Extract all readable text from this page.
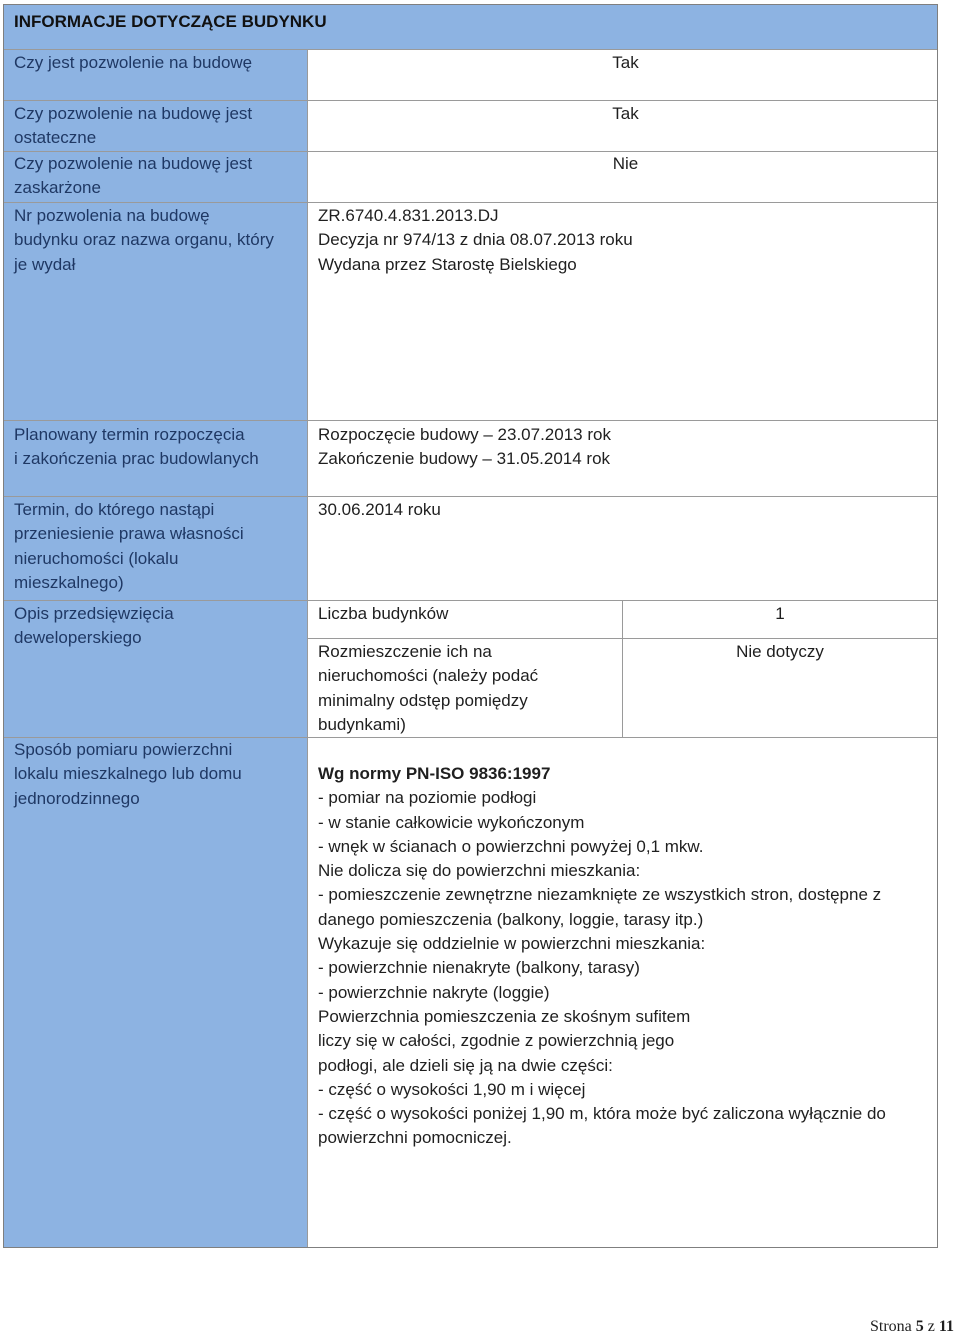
INFORMACJE DOTYCZĄCE BUDYNKU
Czy jest pozwolenie na budowę	Tak
Czy pozwolenie na budowę jest
ostateczne
Tak
Czy pozwolenie na budowę jest
zaskarżone
Nie
Nr pozwolenia na budowę
budynku oraz nazwa organu, który
je wydał
ZR.6740.4.831.2013.DJ
Decyzja nr 974/13 z dnia 08.07.2013 roku
Wydana przez Starostę Bielskiego
Planowany termin rozpoczęcia
i zakończenia prac budowlanych
Rozpoczęcie budowy – 23.07.2013 rok
Zakończenie budowy – 31.05.2014 rok
Termin, do którego nastąpi
przeniesienie prawa własności
nieruchomości (lokalu
mieszkalnego)
30.06.2014 roku
Opis przedsięwzięcia
deweloperskiego
Liczba budynków	1
Rozmieszczenie ich na
nieruchomości (należy podać
minimalny odstęp pomiędzy
budynkami)
Nie dotyczy
Sposób pomiaru powierzchni
lokalu mieszkalnego lub domu
jednorodzinnego
Wg normy PN-ISO 9836:1997
- pomiar na poziomie podłogi
- w stanie całkowicie wykończonym
- wnęk w ścianach o powierzchni powyżej 0,1 mkw.
Nie dolicza się do powierzchni mieszkania:
- pomieszczenie zewnętrzne niezamknięte ze wszystkich stron, dostępne z
danego pomieszczenia (balkony, loggie, tarasy itp.)
Wykazuje się oddzielnie w powierzchni mieszkania:
- powierzchnie nienakryte (balkony, tarasy)
- powierzchnie nakryte (loggie)
Powierzchnia pomieszczenia ze skośnym sufitem
liczy się w całości, zgodnie z powierzchnią jego
podłogi, ale dzieli się ją na dwie części:
- część o wysokości 1,90 m i więcej
- część o wysokości poniżej 1,90 m, która może być zaliczona wyłącznie do
powierzchni pomocniczej.
Strona 5 z 11
